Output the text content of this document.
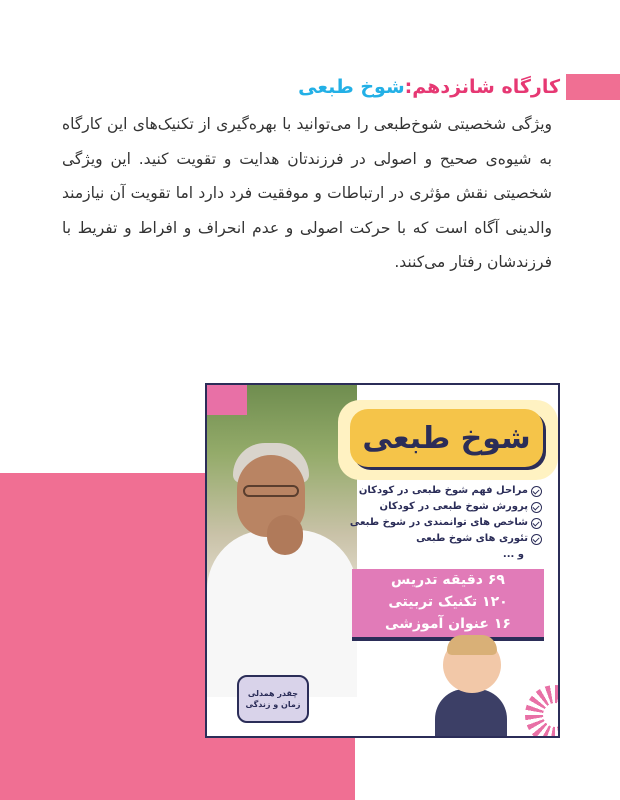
کارگاه شانزدهم:شوخ طبعی

ویژگی شخصیتی شوخ‌طبعی را می‌توانید با بهره‌گیری از تکنیک‌های این کارگاه به شیوه‌ی صحیح و اصولی در فرزندتان هدایت و تقویت کنید. این ویژگی شخصیتی نقش مؤثری در ارتباطات و موفقیت فرد دارد اما تقویت آن نیازمند والدینی آگاه است که با حرکت اصولی و عدم انحراف و افراط و تفریط با فرزندشان رفتار می‌کنند.

شوخ طبعی
مراحل فهم شوخ طبعی در کودکان
پرورش شوخ طبعی در کودکان
شاخص های توانمندی در شوخ طبعی
تئوری های شوخ طبعی
و ...
۶۹ دقیقه تدریس
۱۲۰ تکنیک تربیتی
۱۶ عنوان آموزشی
چقدر همدلی زمان و زندگی
